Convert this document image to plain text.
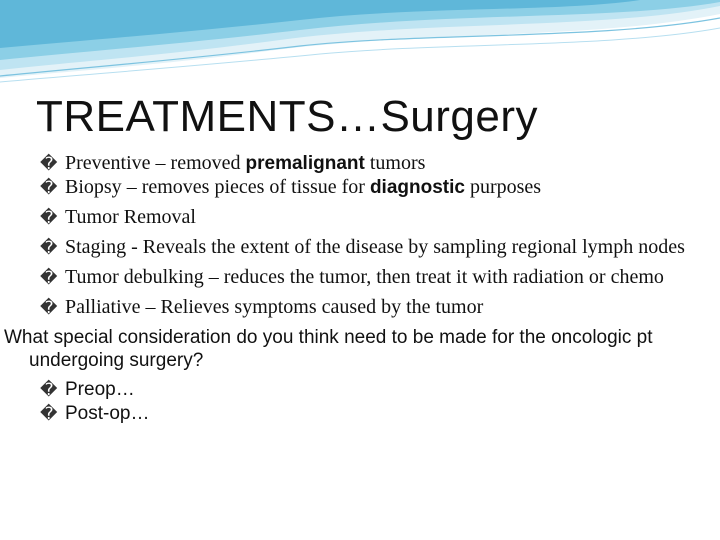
TREATMENTS…Surgery

� Preventive – removed premalignant tumors

� Biopsy – removes pieces of tissue for diagnostic purposes

� Tumor Removal

� Staging - Reveals the extent of the disease by sampling regional lymph nodes

� Tumor debulking – reduces the tumor, then treat it with radiation or chemo

� Palliative – Relieves symptoms caused by the tumor

What special consideration do you think need to be made for the oncologic pt undergoing surgery?

� Preop…

� Post-op…
